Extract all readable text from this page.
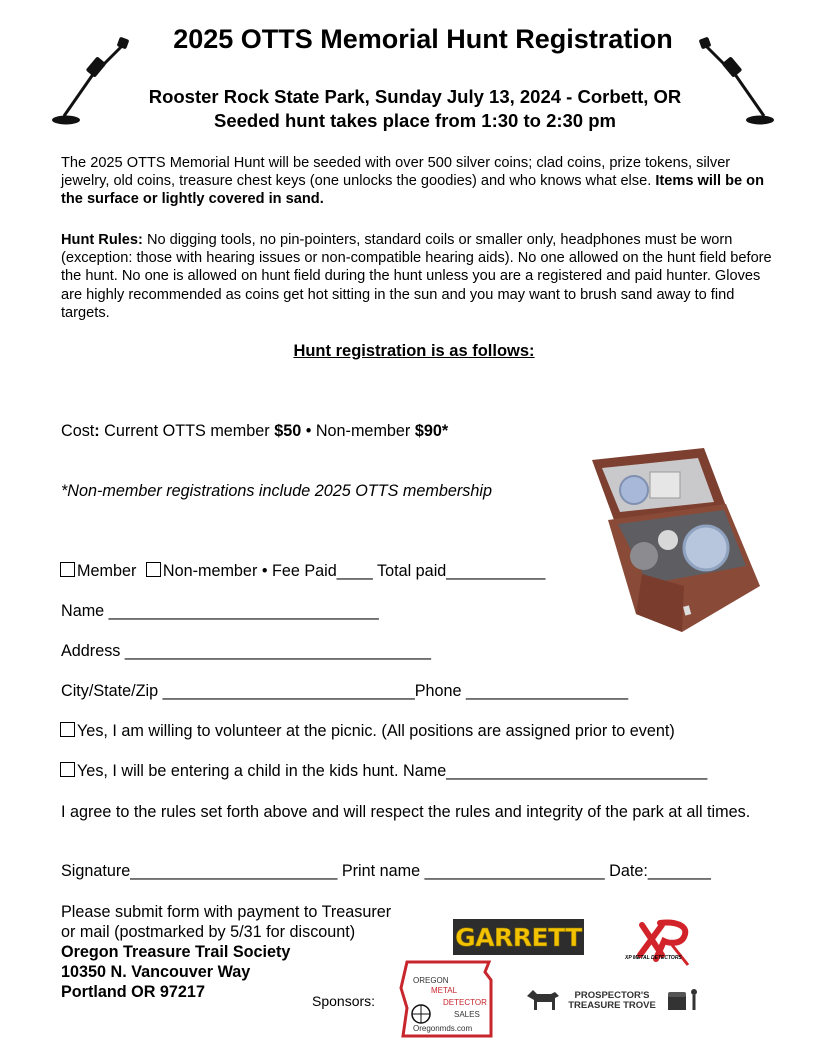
2025 OTTS Memorial Hunt Registration
Rooster Rock State Park, Sunday July 13, 2024 - Corbett, OR
Seeded hunt takes place from 1:30 to 2:30 pm
The 2025 OTTS Memorial Hunt will be seeded with over 500 silver coins; clad coins, prize tokens, silver jewelry, old coins, treasure chest keys (one unlocks the goodies) and who knows what else. Items will be on the surface or lightly covered in sand.
Hunt Rules: No digging tools, no pin-pointers, standard coils or smaller only, headphones must be worn (exception: those with hearing issues or non-compatible hearing aids). No one allowed on the hunt field before the hunt. No one is allowed on hunt field during the hunt unless you are a registered and paid hunter. Gloves are highly recommended as coins get hot sitting in the sun and you may want to brush sand away to find targets.
Hunt registration is as follows:
Cost: Current OTTS member $50 • Non-member $90*
*Non-member registrations include 2025 OTTS membership
Member Non-member • Fee Paid____ Total paid___________
Name ______________________________
Address __________________________________
City/State/Zip ____________________________Phone __________________
Yes, I am willing to volunteer at the picnic. (All positions are assigned prior to event)
Yes, I will be entering a child in the kids hunt. Name_____________________________
I agree to the rules set forth above and will respect the rules and integrity of the park at all times.
Signature_______________________ Print name ____________________ Date:_______
Please submit form with payment to Treasurer
or mail (postmarked by 5/31 for discount)
Oregon Treasure Trail Society
10350 N. Vancouver Way
Portland OR 97217	Sponsors:
GARRETT
XP METAL DETECTORS
OREGON
METAL
DETECTOR
SALES
Oregonmds.com
PROSPECTOR'S
TREASURE TROVE
